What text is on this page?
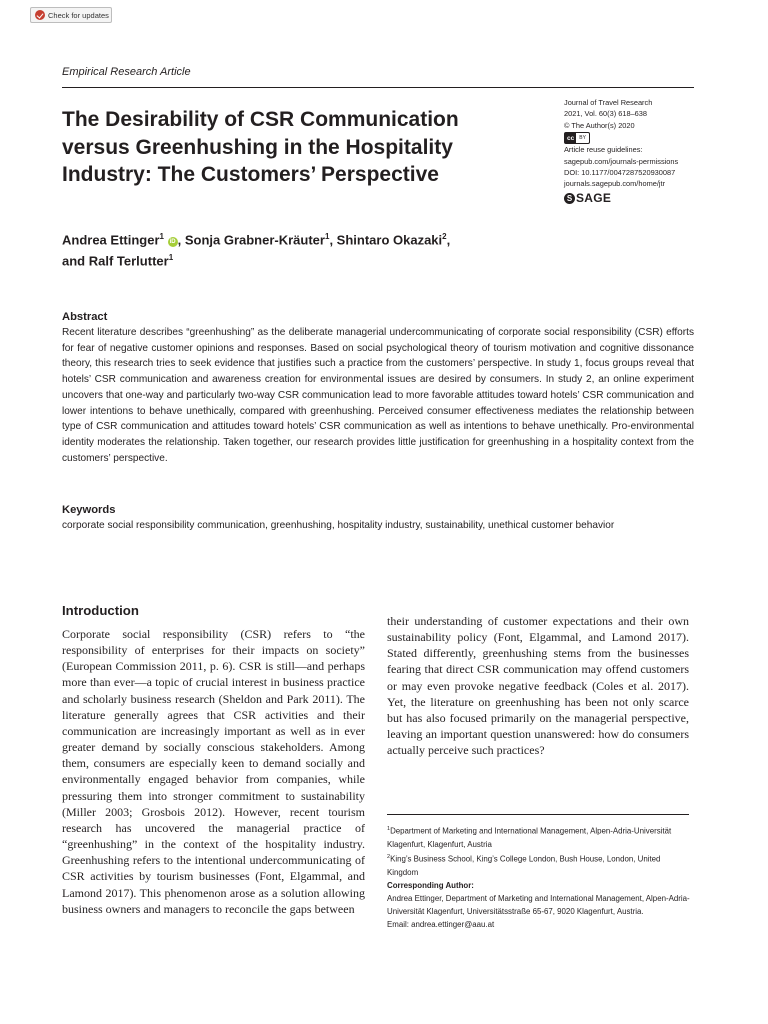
Check for updates
Empirical Research Article
The Desirability of CSR Communication versus Greenhushing in the Hospitality Industry: The Customers’ Perspective
Journal of Travel Research
2021, Vol. 60(3) 618–638
© The Author(s) 2020
cc	BY
Article reuse guidelines:
sagepub.com/journals-permissions
DOI: 10.1177/0047287520930087
journals.sagepub.com/home/jtr
S SAGE
Andrea Ettinger$^1$ iD , Sonja Grabner-Kräuter$^1$, Shintaro Okazaki$^2$,
and Ralf Terlutter$^1$
Abstract
Recent literature describes “greenhushing” as the deliberate managerial undercommunicating of corporate social responsibility (CSR) efforts for fear of negative customer opinions and responses. Based on social psychological theory of tourism motivation and cognitive dissonance theory, this research tries to seek evidence that justifies such a practice from the customers’ perspective. In study 1, focus groups reveal that hotels’ CSR communication and awareness creation for environmental issues are desired by consumers. In study 2, an online experiment uncovers that one-way and particularly two-way CSR communication lead to more favorable attitudes toward hotels’ CSR communication and lower intentions to behave unethically, compared with greenhushing. Perceived consumer effectiveness mediates the relationship between type of CSR communication and attitudes toward hotels’ CSR communication as well as intentions to behave unethically. Pro-environmental identity moderates the relationship. Taken together, our research provides little justification for greenhushing in a hospitality context from the customers’ perspective.
Keywords
corporate social responsibility communication, greenhushing, hospitality industry, sustainability, unethical customer behavior
Introduction
Corporate social responsibility (CSR) refers to “the responsibility of enterprises for their impacts on society” (European Commission 2011, p. 6). CSR is still—and perhaps more than ever—a topic of crucial interest in business practice and scholarly business research (Sheldon and Park 2011). The literature generally agrees that CSR activities and their communication are increasingly important as well as in ever greater demand by socially conscious stakeholders. Among them, consumers are especially keen to demand socially and environmentally engaged behavior from companies, while pressuring them into stronger commitment to sustainability (Miller 2003; Grosbois 2012). However, recent tourism research has uncovered the managerial practice of “greenhushing” in the context of the hospitality industry. Greenhushing refers to the intentional undercommunicating of CSR activities by tourism businesses (Font, Elgammal, and Lamond 2017). This phenomenon arose as a solution allowing business owners and managers to reconcile the gaps between
their understanding of customer expectations and their own sustainability policy (Font, Elgammal, and Lamond 2017). Stated differently, greenhushing stems from the businesses fearing that direct CSR communication may offend customers or may even provoke negative feedback (Coles et al. 2017). Yet, the literature on greenhushing has been not only scarce but has also focused primarily on the managerial perspective, leaving an important question unanswered: how do consumers actually perceive such practices?
$^1$Department of Marketing and International Management, Alpen-Adria-Universität Klagenfurt, Klagenfurt, Austria
$^2$King’s Business School, King’s College London, Bush House, London, United Kingdom
Corresponding Author:
Andrea Ettinger, Department of Marketing and International Management, Alpen-Adria-Universität Klagenfurt, Universitätsstraße 65-67, 9020 Klagenfurt, Austria.
Email: andrea.ettinger@aau.at
